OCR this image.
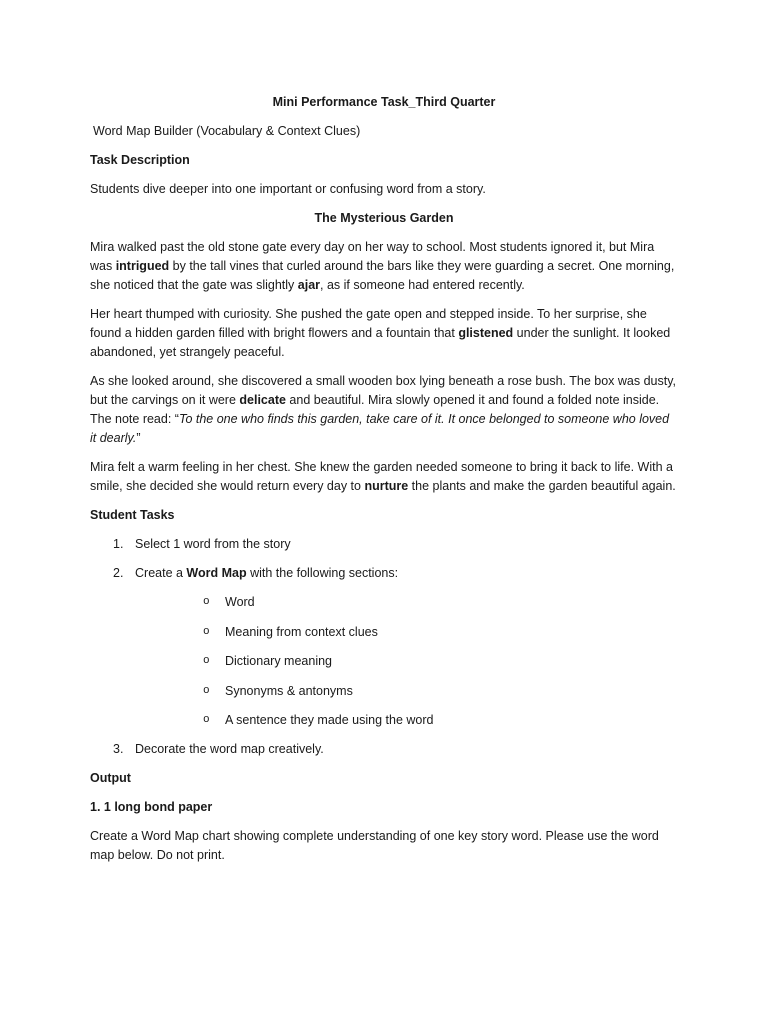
Mini Performance Task_Third Quarter

Word Map Builder (Vocabulary & Context Clues)

Task Description

Students dive deeper into one important or confusing word from a story.

The Mysterious Garden

Mira walked past the old stone gate every day on her way to school. Most students ignored it, but Mira was intrigued by the tall vines that curled around the bars like they were guarding a secret. One morning, she noticed that the gate was slightly ajar, as if someone had entered recently.

Her heart thumped with curiosity. She pushed the gate open and stepped inside. To her surprise, she found a hidden garden filled with bright flowers and a fountain that glistened under the sunlight. It looked abandoned, yet strangely peaceful.

As she looked around, she discovered a small wooden box lying beneath a rose bush. The box was dusty, but the carvings on it were delicate and beautiful. Mira slowly opened it and found a folded note inside. The note read: “To the one who finds this garden, take care of it. It once belonged to someone who loved it dearly.”

Mira felt a warm feeling in her chest. She knew the garden needed someone to bring it back to life. With a smile, she decided she would return every day to nurture the plants and make the garden beautiful again.

Student Tasks

1. Select 1 word from the story
2. Create a Word Map with the following sections:
o Word
o Meaning from context clues
o Dictionary meaning
o Synonyms & antonyms
o A sentence they made using the word
3. Decorate the word map creatively.

Output

1. 1 long bond paper

Create a Word Map chart showing complete understanding of one key story word. Please use the word map below. Do not print.
